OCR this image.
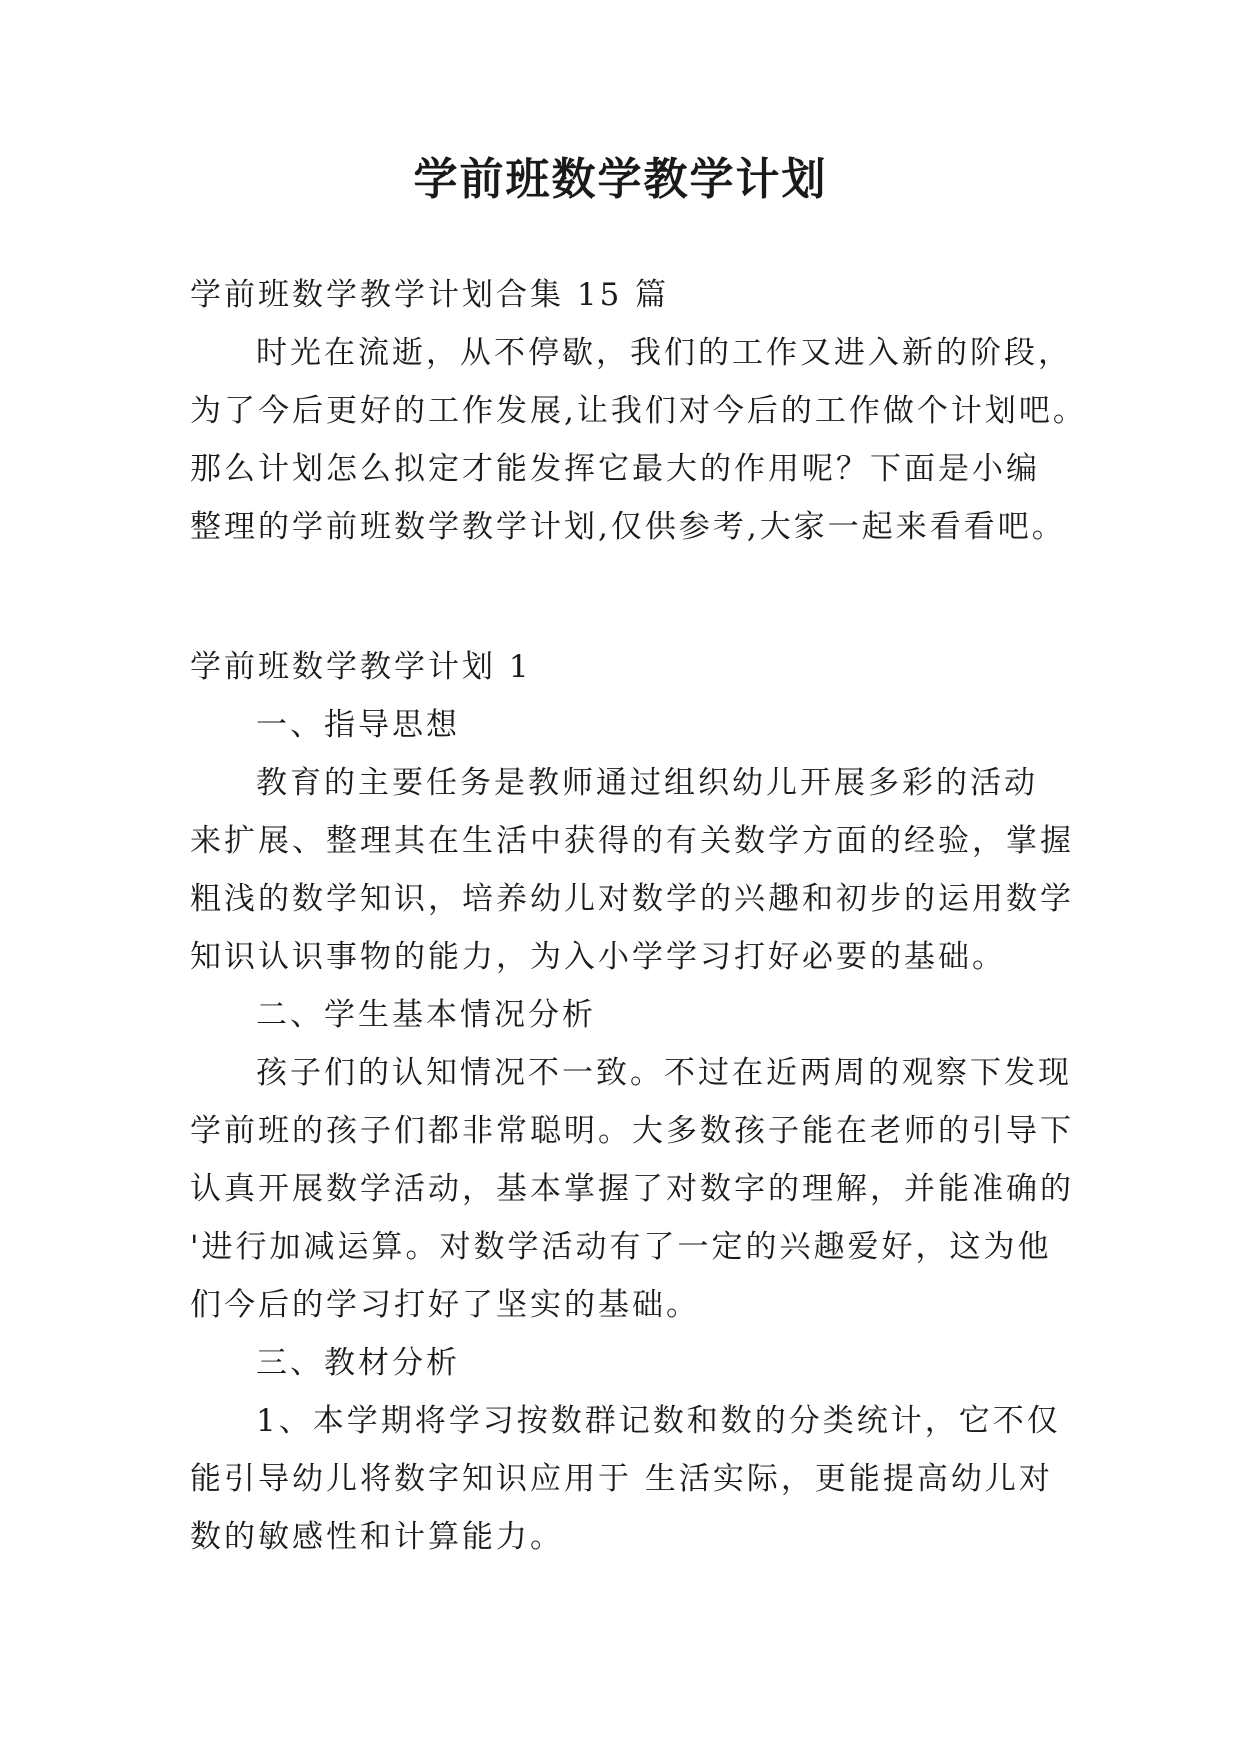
学前班数学教学计划

学前班数学教学计划合集 15 篇

时光在流逝，从不停歇，我们的工作又进入新的阶段，

为了今后更好的工作发展,让我们对今后的工作做个计划吧。

那么计划怎么拟定才能发挥它最大的作用呢？下面是小编

整理的学前班数学教学计划,仅供参考,大家一起来看看吧。

学前班数学教学计划 1

一、指导思想

教育的主要任务是教师通过组织幼儿开展多彩的活动

来扩展、整理其在生活中获得的有关数学方面的经验，掌握

粗浅的数学知识，培养幼儿对数学的兴趣和初步的运用数学

知识认识事物的能力，为入小学学习打好必要的基础。

二、学生基本情况分析

孩子们的认知情况不一致。不过在近两周的观察下发现

学前班的孩子们都非常聪明。大多数孩子能在老师的引导下

认真开展数学活动，基本掌握了对数字的理解，并能准确的

'进行加减运算。对数学活动有了一定的兴趣爱好，这为他

们今后的学习打好了坚实的基础。

三、教材分析

1、本学期将学习按数群记数和数的分类统计，它不仅

能引导幼儿将数字知识应用于 生活实际，更能提高幼儿对

数的敏感性和计算能力。
